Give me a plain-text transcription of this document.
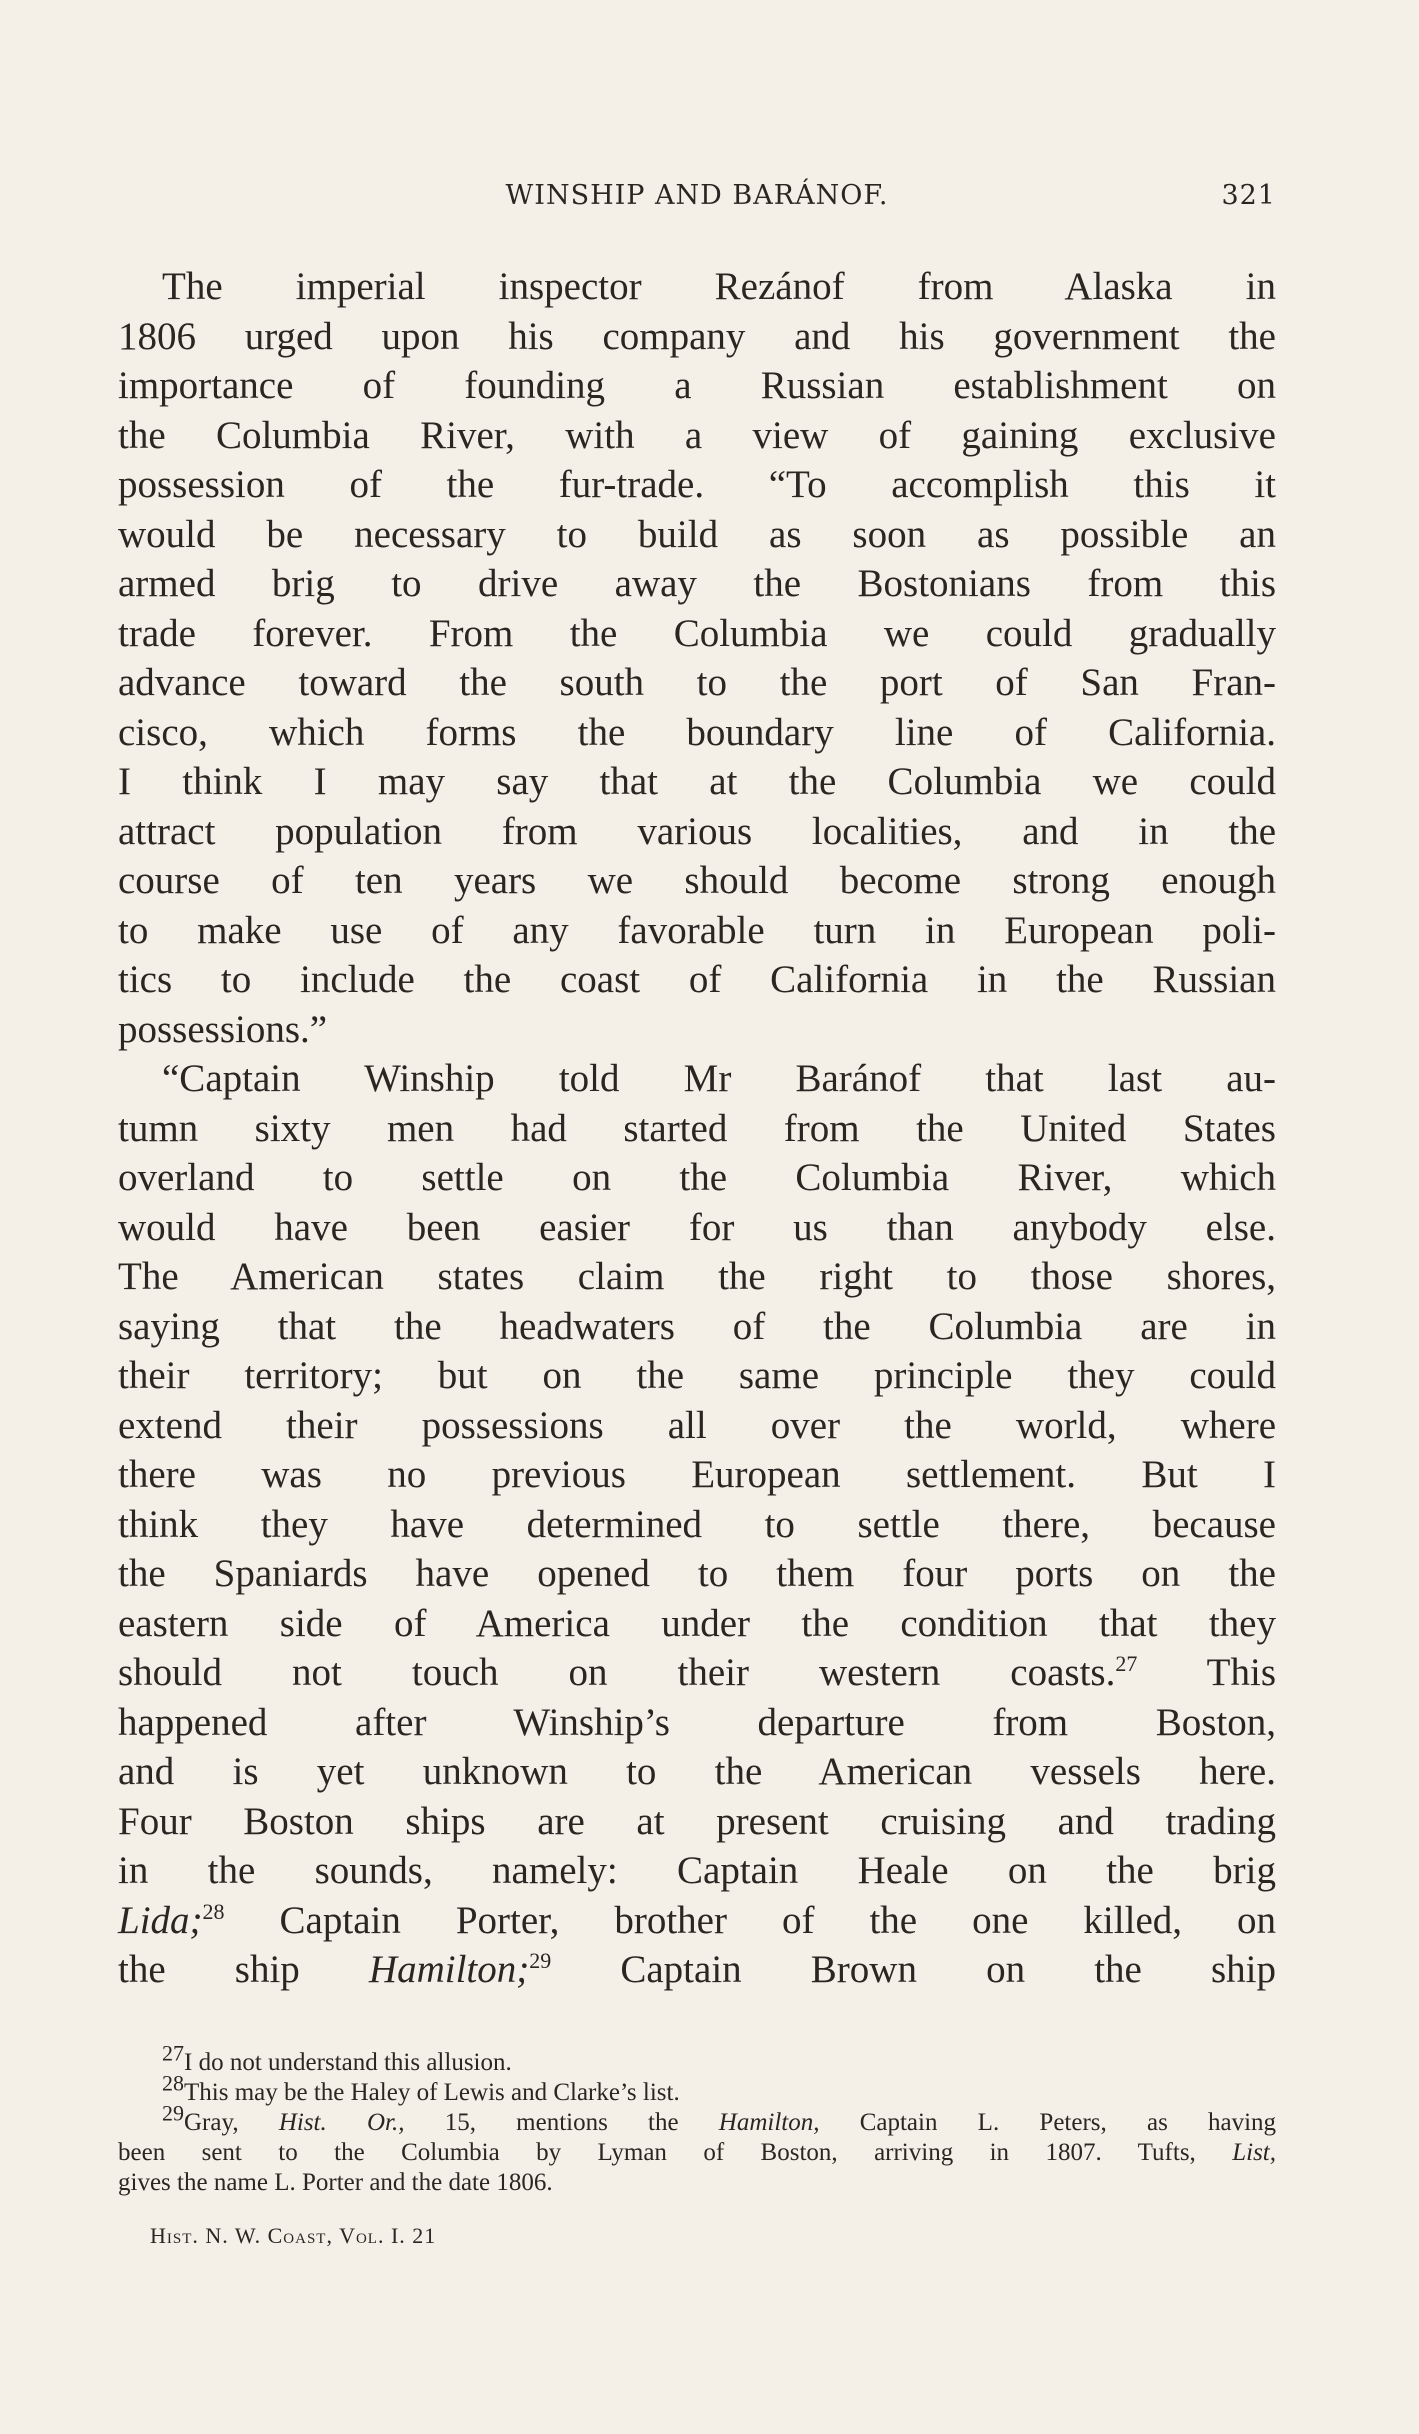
WINSHIP AND BARÁNOF.	321
The imperial inspector Rezánof from Alaska in
1806 urged upon his company and his government the
importance of founding a Russian establishment on
the Columbia River, with a view of gaining exclusive
possession of the fur-trade. “To accomplish this it
would be necessary to build as soon as possible an
armed brig to drive away the Bostonians from this
trade forever. From the Columbia we could gradually
advance toward the south to the port of San Fran-
cisco, which forms the boundary line of California.
I think I may say that at the Columbia we could
attract population from various localities, and in the
course of ten years we should become strong enough
to make use of any favorable turn in European poli-
tics to include the coast of California in the Russian
possessions.”
“Captain Winship told Mr Baránof that last au-
tumn sixty men had started from the United States
overland to settle on the Columbia River, which
would have been easier for us than anybody else.
The American states claim the right to those shores,
saying that the headwaters of the Columbia are in
their territory; but on the same principle they could
extend their possessions all over the world, where
there was no previous European settlement. But I
think they have determined to settle there, because
the Spaniards have opened to them four ports on the
eastern side of America under the condition that they
should not touch on their western coasts.$^{27}$ This
happened after Winship’s departure from Boston,
and is yet unknown to the American vessels here.
Four Boston ships are at present cruising and trading
in the sounds, namely: Captain Heale on the brig
Lida;$^{28}$ Captain Porter, brother of the one killed, on
the ship Hamilton;$^{29}$ Captain Brown on the ship
$^{27}$I do not understand this allusion.
$^{28}$This may be the Haley of Lewis and Clarke’s list.
$^{29}$Gray, Hist. Or., 15, mentions the Hamilton, Captain L. Peters, as having
been sent to the Columbia by Lyman of Boston, arriving in 1807. Tufts, List,
gives the name L. Porter and the date 1806.
Hist. N. W. Coast, Vol. I. 21
